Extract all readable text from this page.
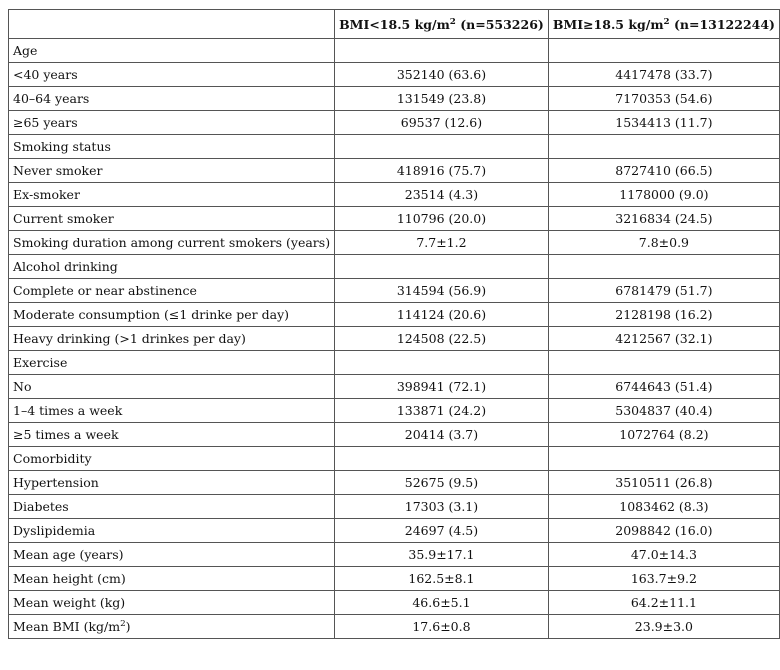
	BMI<18.5 $kg/m^2$ (n=553226)	BMI≥18.5 $kg/m^2$ (n=13122244)
Age		
<40 years	352140 (63.6)	4417478 (33.7)
40–64 years	131549 (23.8)	7170353 (54.6)
≥65 years	69537 (12.6)	1534413 (11.7)
Smoking status		
Never smoker	418916 (75.7)	8727410 (66.5)
Ex-smoker	23514 (4.3)	1178000 (9.0)
Current smoker	110796 (20.0)	3216834 (24.5)
Smoking duration among current smokers (years)	7.7±1.2	7.8±0.9
Alcohol drinking		
Complete or near abstinence	314594 (56.9)	6781479 (51.7)
Moderate consumption (≤1 drinke per day)	114124 (20.6)	2128198 (16.2)
Heavy drinking (>1 drinkes per day)	124508 (22.5)	4212567 (32.1)
Exercise		
No	398941 (72.1)	6744643 (51.4)
1–4 times a week	133871 (24.2)	5304837 (40.4)
≥5 times a week	20414 (3.7)	1072764 (8.2)
Comorbidity		
Hypertension	52675 (9.5)	3510511 (26.8)
Diabetes	17303 (3.1)	1083462 (8.3)
Dyslipidemia	24697 (4.5)	2098842 (16.0)
Mean age (years)	35.9±17.1	47.0±14.3
Mean height (cm)	162.5±8.1	163.7±9.2
Mean weight (kg)	46.6±5.1	64.2±11.1
Mean BMI $(kg/m^2)$	17.6±0.8	23.9±3.0
